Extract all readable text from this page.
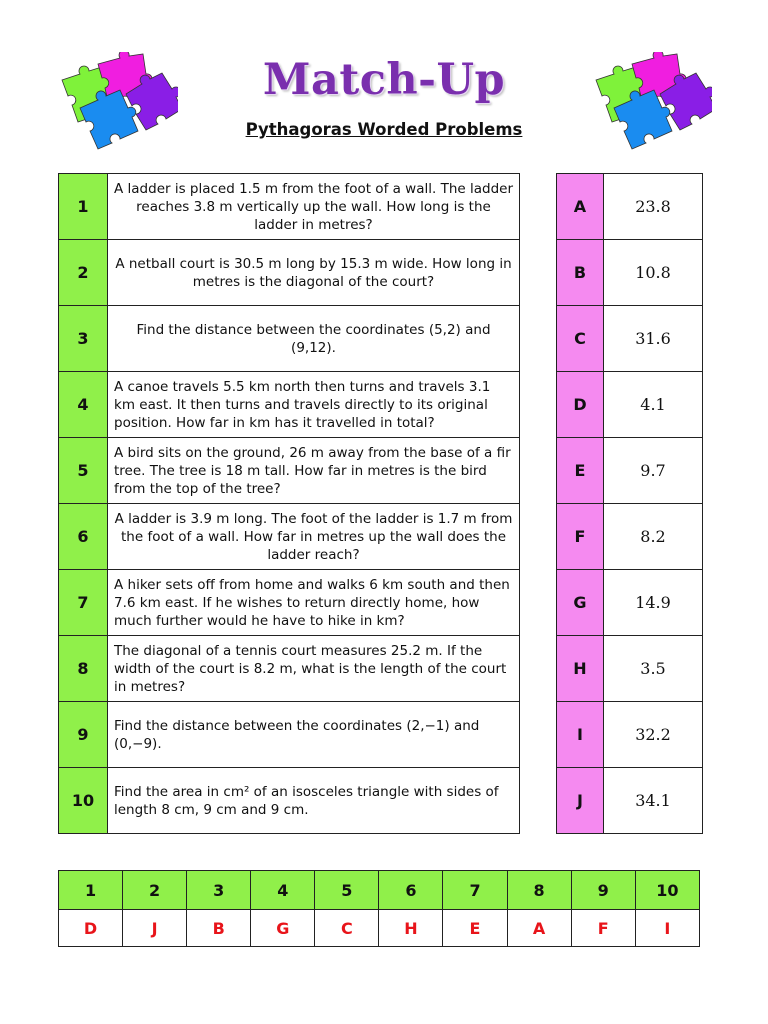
Match-Up
Pythagoras Worded Problems
1	A ladder is placed 1.5 m from the foot of a wall. The ladder reaches 3.8 m vertically up the wall. How long is the ladder in metres?
2	A netball court is 30.5 m long by 15.3 m wide. How long in metres is the diagonal of the court?
3	Find the distance between the coordinates (5,2) and (9,12).
4	A canoe travels 5.5 km north then turns and travels 3.1 km east. It then turns and travels directly to its original position. How far in km has it travelled in total?
5	A bird sits on the ground, 26 m away from the base of a fir tree. The tree is 18 m tall. How far in metres is the bird from the top of the tree?
6	A ladder is 3.9 m long. The foot of the ladder is 1.7 m from the foot of a wall. How far in metres up the wall does the ladder reach?
7	A hiker sets off from home and walks 6 km south and then 7.6 km east. If he wishes to return directly home, how much further would he have to hike in km?
8	The diagonal of a tennis court measures 25.2 m. If the width of the court is 8.2 m, what is the length of the court in metres?
9	Find the distance between the coordinates (2,−1) and (0,−9).
10	Find the area in cm² of an isosceles triangle with sides of length 8 cm, 9 cm and 9 cm.
A	23.8
B	10.8
C	31.6
D	4.1
E	9.7
F	8.2
G	14.9
H	3.5
I	32.2
J	34.1
1	2	3	4	5	6	7	8	9	10
D	J	B	G	C	H	E	A	F	I
